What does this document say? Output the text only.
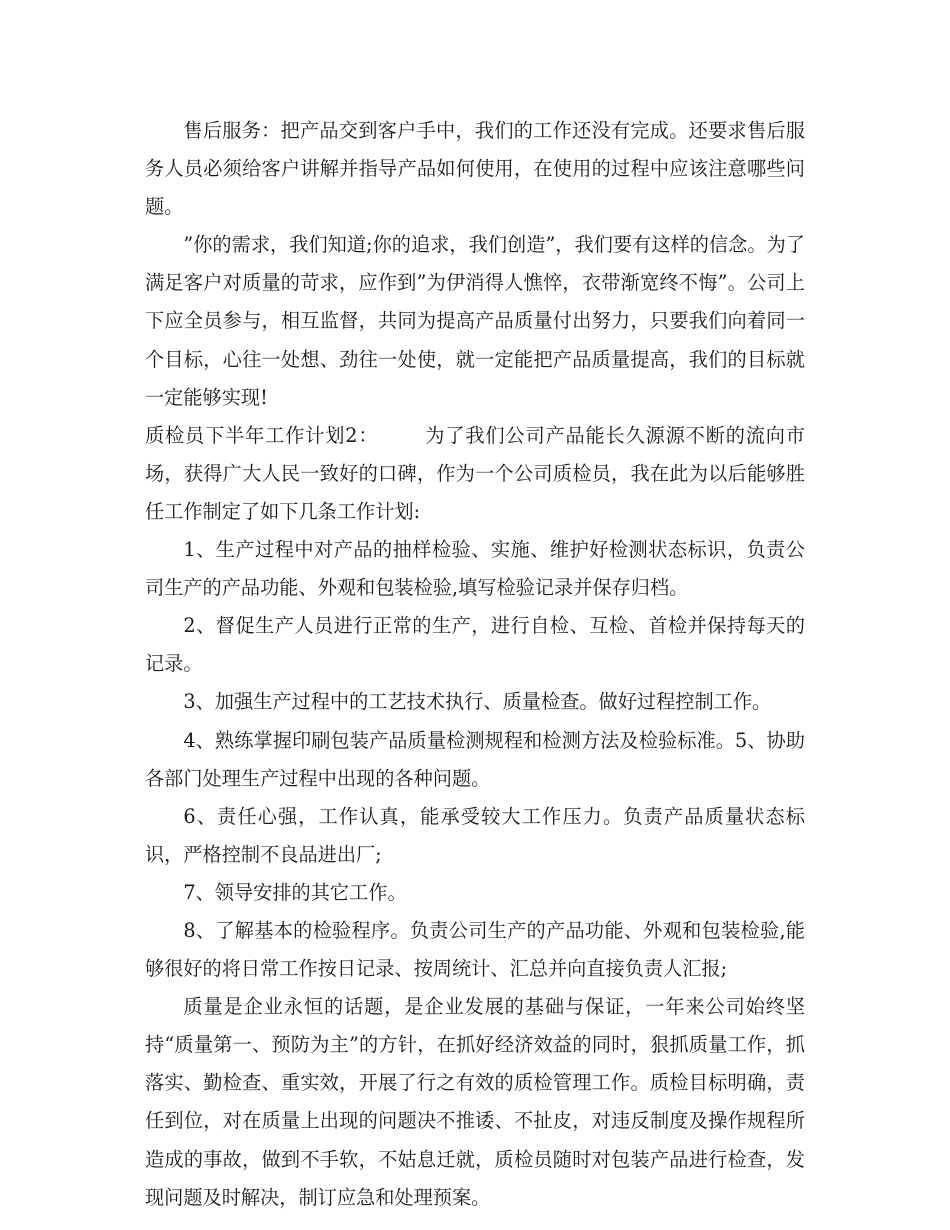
售后服务：把产品交到客户手中，我们的工作还没有完成。还要求售后服务人员必须给客户讲解并指导产品如何使用，在使用的过程中应该注意哪些问题。

”你的需求，我们知道;你的追求，我们创造”，我们要有这样的信念。为了满足客户对质量的苛求，应作到”为伊消得人憔悴，衣带渐宽终不悔”。公司上下应全员参与，相互监督，共同为提高产品质量付出努力，只要我们向着同一个目标，心往一处想、劲往一处使，就一定能把产品质量提高，我们的目标就一定能够实现!

质检员下半年工作计划2： 为了我们公司产品能长久源源不断的流向市场，获得广大人民一致好的口碑，作为一个公司质检员，我在此为以后能够胜任工作制定了如下几条工作计划:

1、生产过程中对产品的抽样检验、实施、维护好检测状态标识，负责公司生产的产品功能、外观和包装检验,填写检验记录并保存归档。

2、督促生产人员进行正常的生产，进行自检、互检、首检并保持每天的记录。

3、加强生产过程中的工艺技术执行、质量检查。做好过程控制工作。

4、熟练掌握印刷包装产品质量检测规程和检测方法及检验标准。5、协助各部门处理生产过程中出现的各种问题。

6、责任心强，工作认真，能承受较大工作压力。负责产品质量状态标识，严格控制不良品进出厂;

7、领导安排的其它工作。

8、了解基本的检验程序。负责公司生产的产品功能、外观和包装检验,能够很好的将日常工作按日记录、按周统计、汇总并向直接负责人汇报;

质量是企业永恒的话题，是企业发展的基础与保证，一年来公司始终坚持“质量第一、预防为主”的方针，在抓好经济效益的同时，狠抓质量工作，抓落实、勤检查、重实效，开展了行之有效的质检管理工作。质检目标明确，责任到位，对在质量上出现的问题决不推诿、不扯皮，对违反制度及操作规程所造成的事故，做到不手软，不姑息迁就，质检员随时对包装产品进行检查，发现问题及时解决，制订应急和处理预案。
